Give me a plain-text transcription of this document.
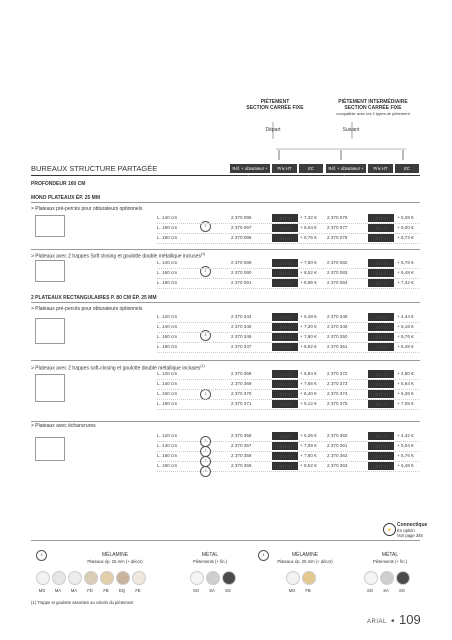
PIÉTEMENT
SECTION CARRÉE FIXE
PIÉTEMENT INTERMÉDIAIRE
SECTION CARRÉE FIXE
compatible avec les 2 types de piétement
Départ	Suivant
BUREAUX STRUCTURE PARTAGÉE	Réf. + obturateur + fin.
Prix HT	EC	Réf. + obturateur + fin.
Prix HT	EC
PROFONDEUR 160 CM
MONO PLATEAUX ÉP. 25 MM
> Plateaux pré-percés pour obturateurs optionnels
2
L. 140 cm	2 370 096	458 €	+ 7,32 € 2 370 076	316 €	+ 5,28 €
L. 160 cm	2 370 097	478 €	+ 8,64 € 2 370 077	357 €	+ 6,00 €
L. 180 cm	2 370 098	499 €	+ 9,76 € 2 370 078	417 €	+ 6,72 €
> Plateaux avec 2 trappes Soft closing et goulotte double métallique incluses$^{(1)}$
2
L. 140 cm	2 370 089	672 €	+ 7,80 € 2 370 082	581 €	+ 5,76 €
L. 160 cm	2 370 090	693 €	+ 8,52 € 2 370 083	611 €	+ 6,48 €
L. 180 cm	2 370 091	713 €	+ 9,96 € 2 370 084	631 €	+ 7,32 €
2 PLATEAUX RECTANGULAIRES P. 80 CM ÉP. 25 MM
> Plateaux pré-percés pour obturateurs optionnels
3
L. 120 cm	2 370 344	458 €	+ 6,48 € 2 370 346	316 €	+ 4,44 €
L. 140 cm	2 370 345	478 €	+ 7,20 € 2 370 349	357 €	+ 5,16 €
L. 160 cm	2 370 346	499 €	+ 7,80 € 2 370 350	417 €	+ 5,76 €
L. 180 cm	2 370 347	519 €	+ 8,52 € 2 370 351	438 €	+ 6,48 €
> Plateaux avec 2 trappes soft-closing et goulotte double métallique incluses$^{(1)}$
2
L. 120 cm	2 370 368	672 €	+ 6,84 € 2 370 372	591 €	+ 4,80 €
L. 140 cm	2 370 369	693 €	+ 7,56 € 2 370 373	611 €	+ 5,64 €
L. 160 cm	2 370 370	713 €	+ 8,40 € 2 370 374	631 €	+ 6,36 €
L. 180 cm	2 370 371	733 €	+ 9,12 € 2 370 375	652 €	+ 7,08 €
> Plateaux avec échancrures
3
2
2
3
L. 120 cm	2 370 356	488 €	+ 6,36 € 2 370 360	407 €	+ 4,32 €
L. 140 cm	2 370 357	508 €	+ 7,08 € 2 370 361	427 €	+ 5,04 €
L. 160 cm	2 370 358	529 €	+ 7,80 € 2 370 362	448 €	+ 5,76 €
L. 180 cm	2 370 359	550 €	+ 8,52 € 2 370 363	468 €	+ 6,48 €
⚡
Connectique
En option
Voir page 345
3	MÉLAMINE
Plateaux ép. 25 mm (+ décor)
MÉTAL
Piètements (+ fin.)
MG	MA	MA	FD	FB	EQ	FE	SO	SA	SG
4	MÉLAMINE
Plateaux ép. 25 mm (+ décor)
MÉTAL
Piètements (+ fin.)
MG	FB	SO	SA	SG
(1) Trappe et goulotte assorties au coloris du piètement
ARIAL • 109
